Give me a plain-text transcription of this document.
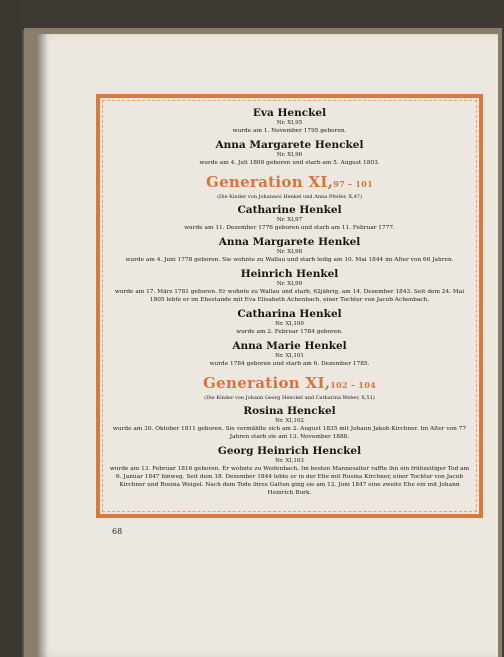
Eva Henckel

Nr. XI,95

wurde am 1. November 1795 geboren.

Anna Margarete Henckel

Nr. XI,96

wurde am 4. Juli 1800 geboren und starb am 5. August 1803.

Generation XI,97 – 101

(Die Kinder von Johannes Henkel und Anna Pfeifer, X,47)

Catharine Henkel

Nr. XI,97

wurde am 11. Dezember 1776 geboren und starb am 11. Februar 1777.

Anna Margarete Henkel

Nr. XI,98

wurde am 4. Juni 1778 geboren. Sie wohnte zu Wallau und starb ledig am 10. Mai 1844 im Alter von 66 Jahren.

Heinrich Henkel

Nr. XI,99

wurde am 17. März 1781 geboren. Er wohnte zu Wallau und starb, 62jährig, am 14. Dezember 1843. Seit dem 24. Mai 1805 lebte er im Ehestande mit Eva Elisabeth Achenbach, einer Tochter von Jacob Achenbach.

Catharina Henkel

Nr. XI,100

wurde am 2. Februar 1784 geboren.

Anna Marie Henkel

Nr. XI,101

wurde 1784 geboren und starb am 6. Dezember 1785.

Generation XI,102 – 104

(Die Kinder von Johann Georg Henckel und Catharina Weber, X,51)

Rosina Henckel

Nr. XI,102

wurde am 30. Oktober 1811 geboren. Sie vermählte sich am 2. August 1835 mit Johann Jakob Kirchner. Im Alter von 77 Jahren starb sie am 13. November 1888.

Georg Heinrich Henckel

Nr. XI,103

wurde am 13. Februar 1816 geboren. Er wohnte zu Weifenbach. Im besten Mannesalter raffte ihn ein frühzeitiger Tod am 6. Januar 1847 hinweg. Seit dem 18. Dezember 1844 lebte er in der Ehe mit Rosina Kirchner, einer Tochter von Jacob Kirchner und Rosina Weigel. Nach dem Tode ihres Gatten ging sie am 12. Juni 1847 eine zweite Ehe ein mit Johann Heinrich Burk.

68
